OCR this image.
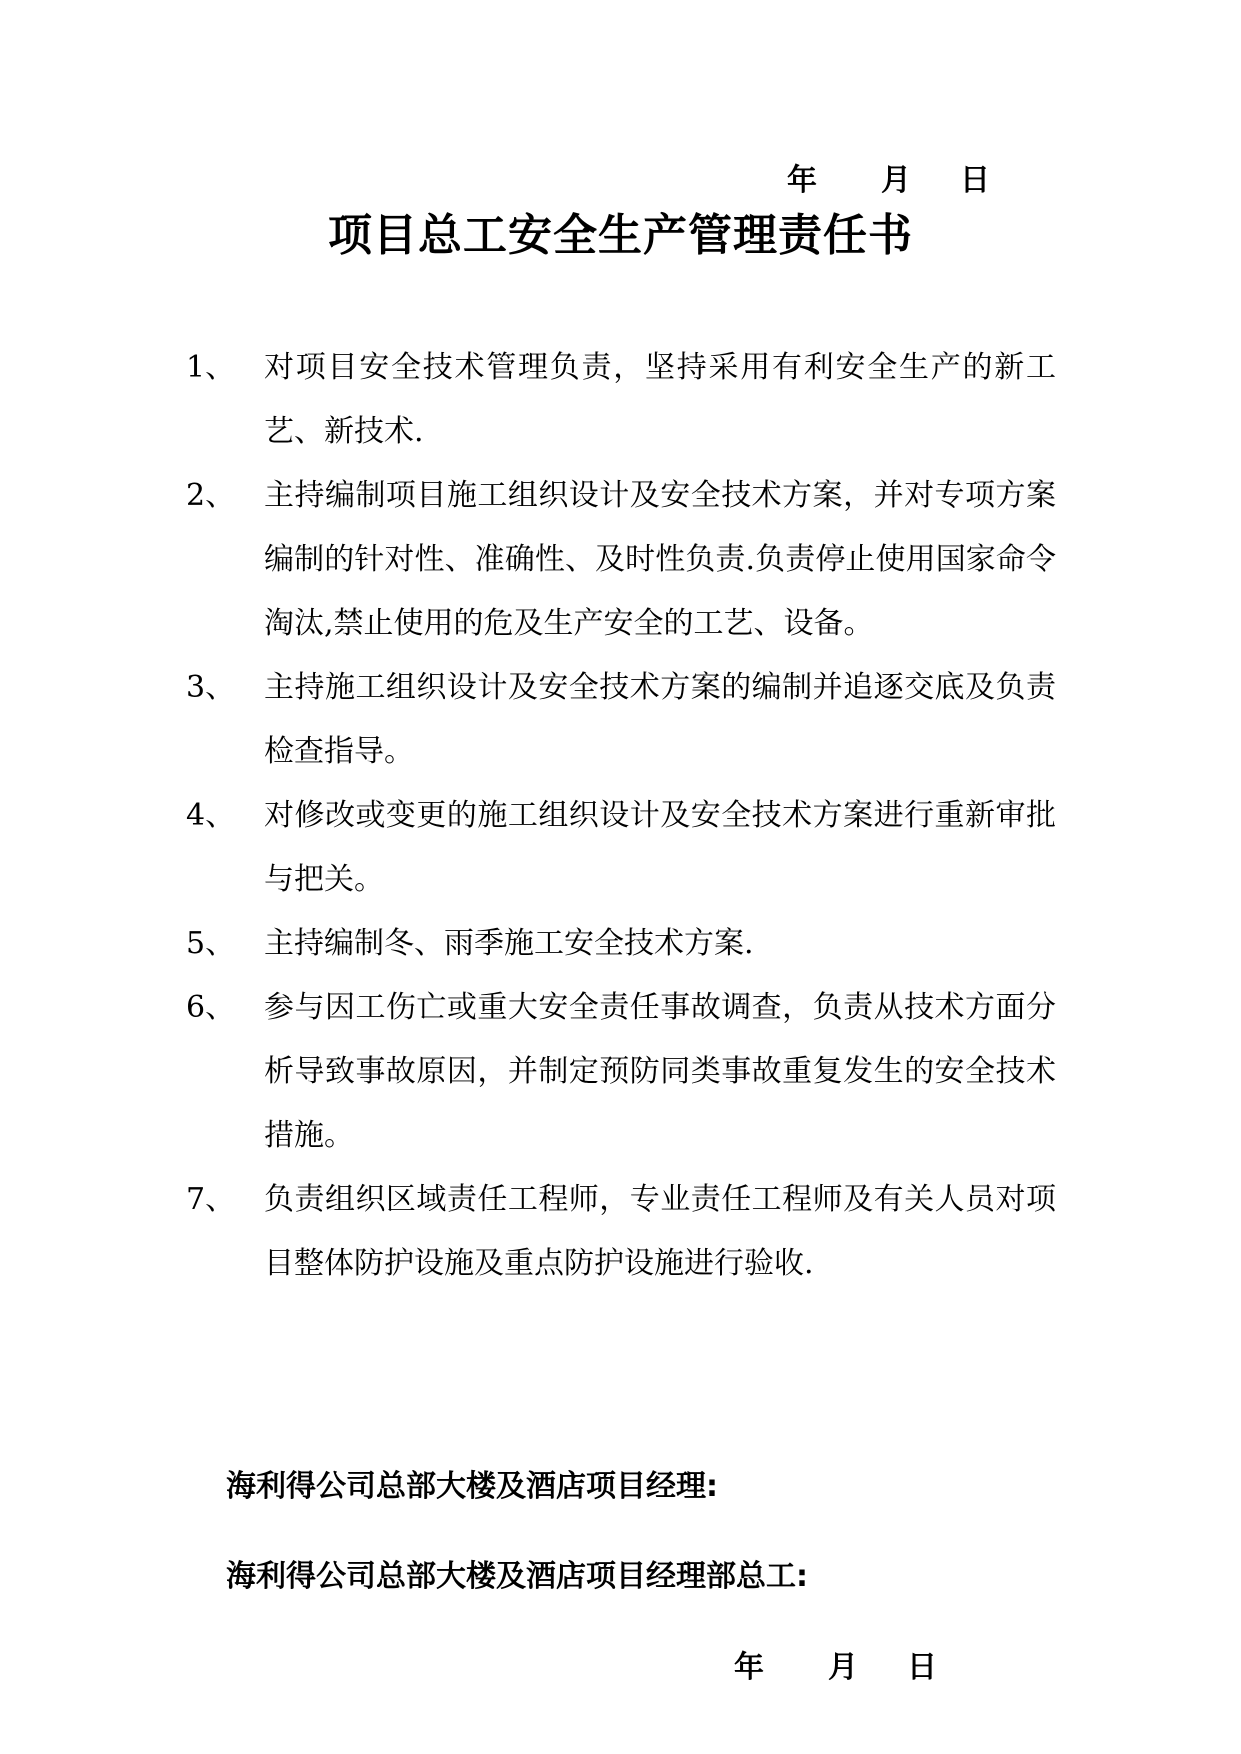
年	月	日
项目总工安全生产管理责任书
1、 对项目安全技术管理负责，坚持采用有利安全生产的新工艺、新技术.
2、 主持编制项目施工组织设计及安全技术方案，并对专项方案编制的针对性、准确性、及时性负责.负责停止使用国家命令淘汰,禁止使用的危及生产安全的工艺、设备。
3、 主持施工组织设计及安全技术方案的编制并追逐交底及负责检查指导。
4、 对修改或变更的施工组织设计及安全技术方案进行重新审批与把关。
5、 主持编制冬、雨季施工安全技术方案.
6、 参与因工伤亡或重大安全责任事故调查，负责从技术方面分析导致事故原因，并制定预防同类事故重复发生的安全技术措施。
7、 负责组织区域责任工程师，专业责任工程师及有关人员对项目整体防护设施及重点防护设施进行验收.
海利得公司总部大楼及酒店项目经理:
海利得公司总部大楼及酒店项目经理部总工:
年	月	日
